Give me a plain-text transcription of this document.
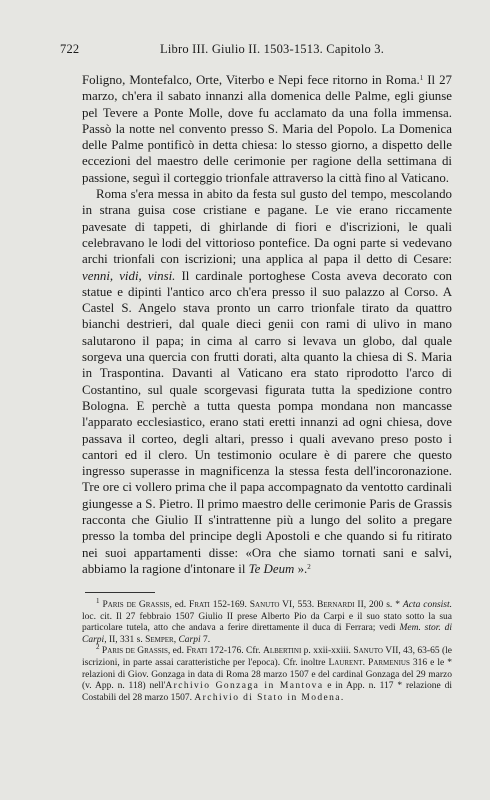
722	Libro III. Giulio II. 1503-1513. Capitolo 3.

Foligno, Montefalco, Orte, Viterbo e Nepi fece ritorno in Roma.$^1$ Il 27 marzo, ch'era il sabato innanzi alla domenica delle Palme, egli giunse pel Tevere a Ponte Molle, dove fu acclamato da una folla immensa. Passò la notte nel convento presso S. Maria del Popolo. La Domenica delle Palme pontificò in detta chiesa: lo stesso giorno, a dispetto delle eccezioni del maestro delle cerimonie per ragione della settimana di passione, seguì il corteggio trionfale attraverso la città fino al Vaticano.

Roma s'era messa in abito da festa sul gusto del tempo, mescolando in strana guisa cose cristiane e pagane. Le vie erano riccamente pavesate di tappeti, di ghirlande di fiori e d'iscrizioni, le quali celebravano le lodi del vittorioso pontefice. Da ogni parte si vedevano archi trionfali con iscrizioni; una applica al papa il detto di Cesare: venni, vidi, vinsi. Il cardinale portoghese Costa aveva decorato con statue e dipinti l'antico arco ch'era presso il suo palazzo al Corso. A Castel S. Angelo stava pronto un carro trionfale tirato da quattro bianchi destrieri, dal quale dieci genii con rami di ulivo in mano salutarono il papa; in cima al carro si levava un globo, dal quale sorgeva una quercia con frutti dorati, alta quanto la chiesa di S. Maria in Traspontina. Davanti al Vaticano era stato riprodotto l'arco di Costantino, sul quale scorgevasi figurata tutta la spedizione contro Bologna. E perchè a tutta questa pompa mondana non mancasse l'apparato ecclesiastico, erano stati eretti innanzi ad ogni chiesa, dove passava il corteo, degli altari, presso i quali avevano preso posto i cantori ed il clero. Un testimonio oculare è di parere che questo ingresso superasse in magnificenza la stessa festa dell'incoronazione. Tre ore ci vollero prima che il papa accompagnato da ventotto cardinali giungesse a S. Pietro. Il primo maestro delle cerimonie Paris de Grassis racconta che Giulio II s'intrattenne più a lungo del solito a pregare presso la tomba del principe degli Apostoli e che quando si fu ritirato nei suoi appartamenti disse: «Ora che siamo tornati sani e salvi, abbiamo la ragione d'intonare il Te Deum ».$^2$

$^1$ Paris de Grassis, ed. Frati 152-169. Sanuto VI, 553. Bernardi II, 200 s. * Acta consist. loc. cit. Il 27 febbraio 1507 Giulio II prese Alberto Pio da Carpi e il suo stato sotto la sua particolare tutela, atto che andava a ferire direttamente il duca di Ferrara; vedi Mem. stor. di Carpi, II, 331 s. Semper, Carpi 7.

$^2$ Paris de Grassis, ed. Frati 172-176. Cfr. Albertini p. xxii-xxiii. Sanuto VII, 43, 63-65 (le iscrizioni, in parte assai caratteristiche per l'epoca). Cfr. inoltre Laurent. Parmenius 316 e le * relazioni di Giov. Gonzaga in data di Roma 28 marzo 1507 e del cardinal Gonzaga del 29 marzo (v. App. n. 118) nell'Archivio Gonzaga in Mantova e in App. n. 117 * relazione di Costabili del 28 marzo 1507. Archivio di Stato in Modena.
